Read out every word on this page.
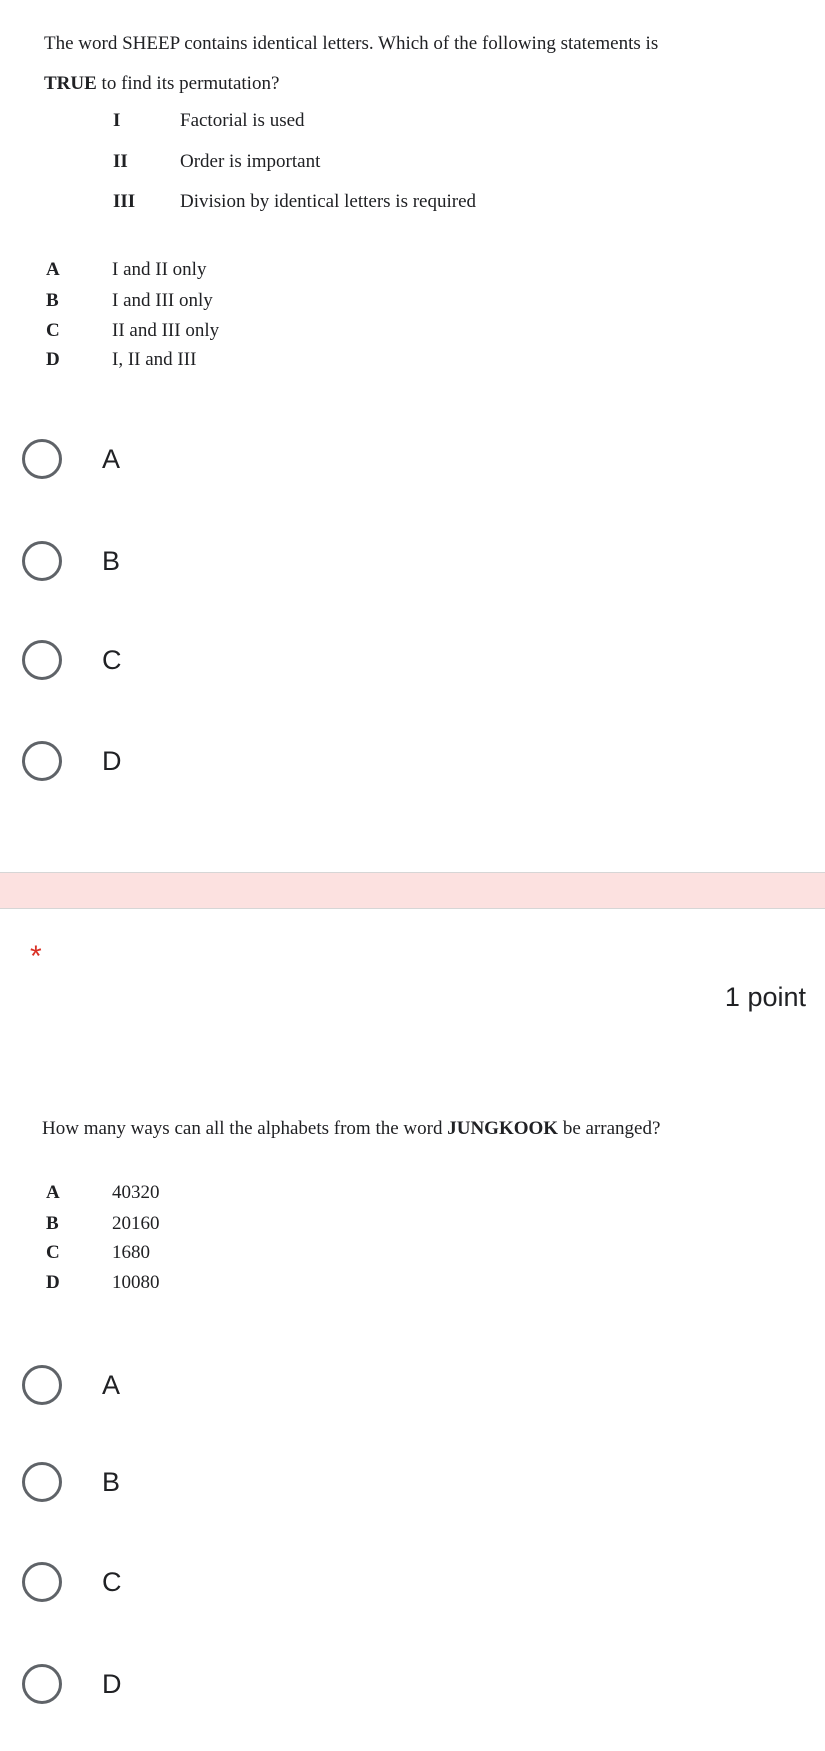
The word SHEEP contains identical letters. Which of the following statements is
TRUE to find its permutation?
I	Factorial is used
II	Order is important
III Division by identical letters is required
A	I and II only
B	I and III only
C	II and III only
D	I, II and III
A
B
C
D
*
1 point
How many ways can all the alphabets from the word JUNGKOOK be arranged?
A	40320
B	20160
C	1680
D	10080
A
B
C
D
